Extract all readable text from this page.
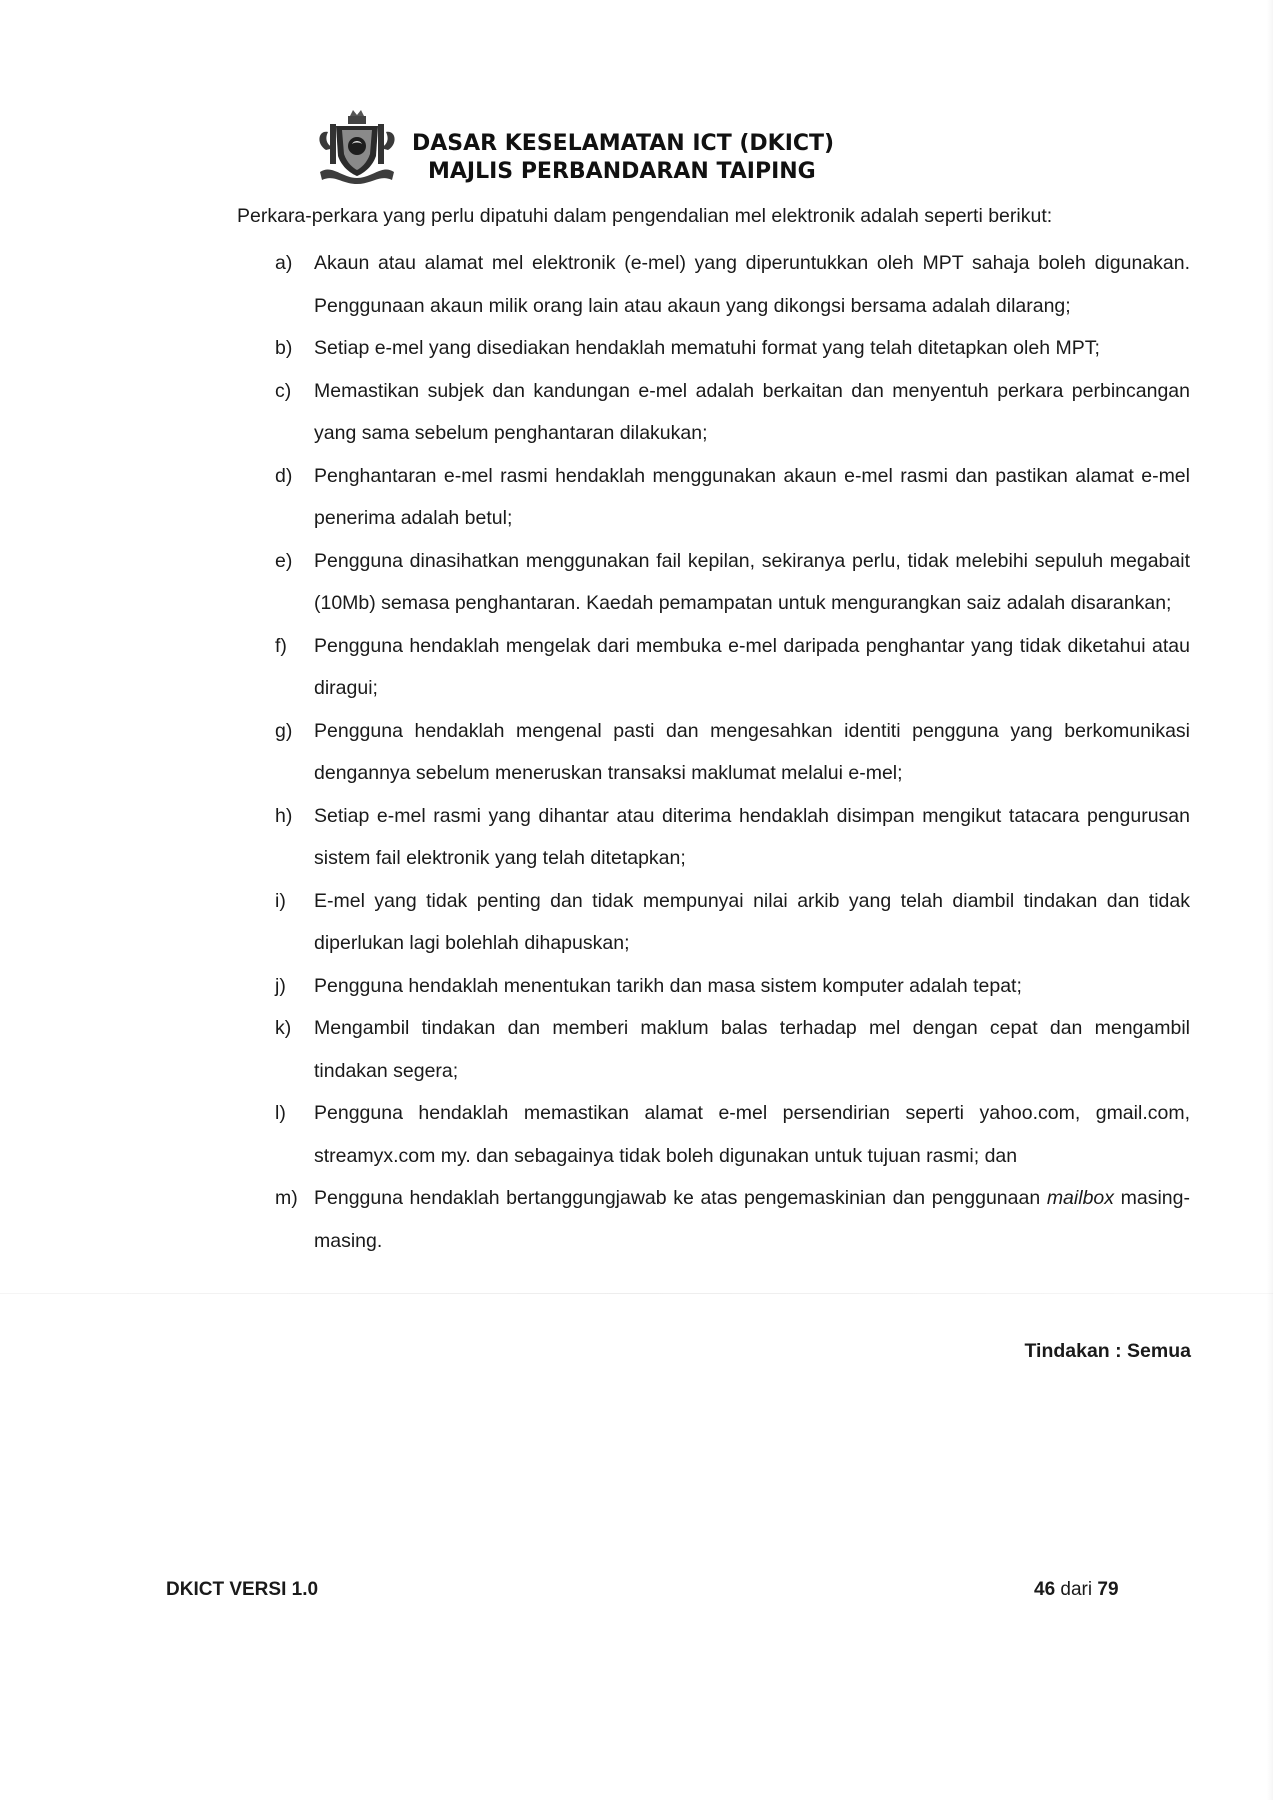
DASAR KESELAMATAN ICT (DKICT)
MAJLIS PERBANDARAN TAIPING
Perkara-perkara yang perlu dipatuhi dalam pengendalian mel elektronik adalah seperti berikut:
a) Akaun atau alamat mel elektronik (e-mel) yang diperuntukkan oleh MPT sahaja boleh digunakan. Penggunaan akaun milik orang lain atau akaun yang dikongsi bersama adalah dilarang;
b) Setiap e-mel yang disediakan hendaklah mematuhi format yang telah ditetapkan oleh MPT;
c) Memastikan subjek dan kandungan e-mel adalah berkaitan dan menyentuh perkara perbincangan yang sama sebelum penghantaran dilakukan;
d) Penghantaran e-mel rasmi hendaklah menggunakan akaun e-mel rasmi dan pastikan alamat e-mel penerima adalah betul;
e) Pengguna dinasihatkan menggunakan fail kepilan, sekiranya perlu, tidak melebihi sepuluh megabait (10Mb) semasa penghantaran. Kaedah pemampatan untuk mengurangkan saiz adalah disarankan;
f) Pengguna hendaklah mengelak dari membuka e-mel daripada penghantar yang tidak diketahui atau diragui;
g) Pengguna hendaklah mengenal pasti dan mengesahkan identiti pengguna yang berkomunikasi dengannya sebelum meneruskan transaksi maklumat melalui e-mel;
h) Setiap e-mel rasmi yang dihantar atau diterima hendaklah disimpan mengikut tatacara pengurusan sistem fail elektronik yang telah ditetapkan;
i) E-mel yang tidak penting dan tidak mempunyai nilai arkib yang telah diambil tindakan dan tidak diperlukan lagi bolehlah dihapuskan;
j) Pengguna hendaklah menentukan tarikh dan masa sistem komputer adalah tepat;
k) Mengambil tindakan dan memberi maklum balas terhadap mel dengan cepat dan mengambil tindakan segera;
l) Pengguna hendaklah memastikan alamat e-mel persendirian seperti yahoo.com, gmail.com, streamyx.com my. dan sebagainya tidak boleh digunakan untuk tujuan rasmi; dan
m) Pengguna hendaklah bertanggungjawab ke atas pengemaskinian dan penggunaan mailbox masing-masing.
Tindakan : Semua
DKICT VERSI 1.0	46 dari 79
